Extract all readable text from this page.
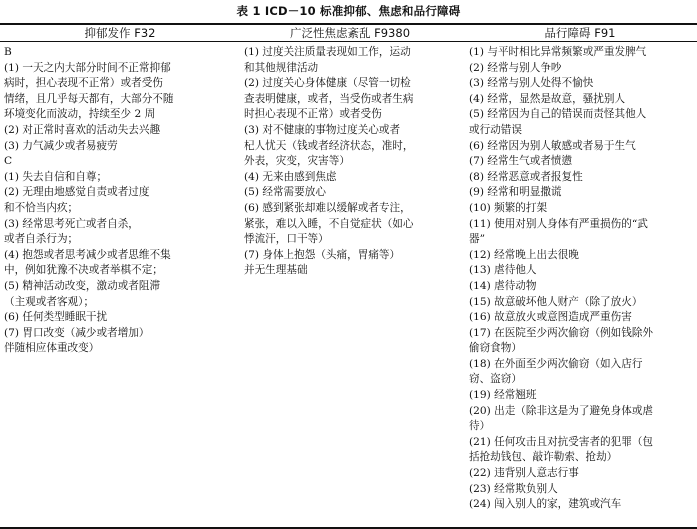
表 1 ICD－10 标准抑郁、焦虑和品行障碍
抑郁发作 F32	广泛性焦虑紊乱 F9380	品行障碍 F91
B
(1) 一天之内大部分时间不正常抑郁
病时，担心表现不正常）或者受伤
情绪，且几乎每天都有，大部分不随
环境变化而波动，持续至少 2 周
(2) 对正常时喜欢的活动失去兴趣
(3) 力气减少或者易疲劳
C
(1) 失去自信和自尊；
(2) 无理由地感觉自责或者过度
和不恰当内疚；
(3) 经常思考死亡或者自杀，
或者自杀行为；
(4) 抱怨或者思考减少或者思维不集
中，例如犹豫不决或者举棋不定；
(5) 精神活动改变，激动或者阻滞
（主观或者客观）；
(6) 任何类型睡眠干扰
(7) 胃口改变（减少或者增加）
伴随相应体重改变）
(1) 过度关注质量表现如工作，运动
和其他规律活动
(2) 过度关心身体健康（尽管一切检
查表明健康，或者，当受伤或者生病
时担心表现不正常）或者受伤
(3) 对不健康的事物过度关心或者
杞人忧天（钱或者经济状态，准时，
外表，灾变，灾害等）
(4) 无来由感到焦虑
(5) 经常需要放心
(6) 感到紧张却难以缓解或者专注，
紧张，难以入睡，不自觉症状（如心
悸流汗，口干等）
(7) 身体上抱怨（头痛，胃痛等）
并无生理基础
(1) 与平时相比异常频繁或严重发脾气
(2) 经常与别人争吵
(3) 经常与别人处得不愉快
(4) 经常，显然是故意，骚扰别人
(5) 经常因为自己的错误而责怪其他人
或行动错误
(6) 经常因为别人敏感或者易于生气
(7) 经常生气或者愤懑
(8) 经常恶意或者报复性
(9) 经常和明显撒谎
(10) 频繁的打架
(11) 使用对别人身体有严重损伤的“武
器”
(12) 经常晚上出去很晚
(13) 虐待他人
(14) 虐待动物
(15) 故意破坏他人财产（除了放火）
(16) 故意放火或意图造成严重伤害
(17) 在医院至少两次偷窃（例如钱除外
偷窃食物）
(18) 在外面至少两次偷窃（如入店行
窃、盗窃）
(19) 经常翘班
(20) 出走（除非这是为了避免身体或虐
待）
(21) 任何攻击且对抗受害者的犯罪（包
括抢劫钱包、敲诈勒索、抢劫）
(22) 违背别人意志行事
(23) 经常欺负别人
(24) 闯入别人的家，建筑或汽车
